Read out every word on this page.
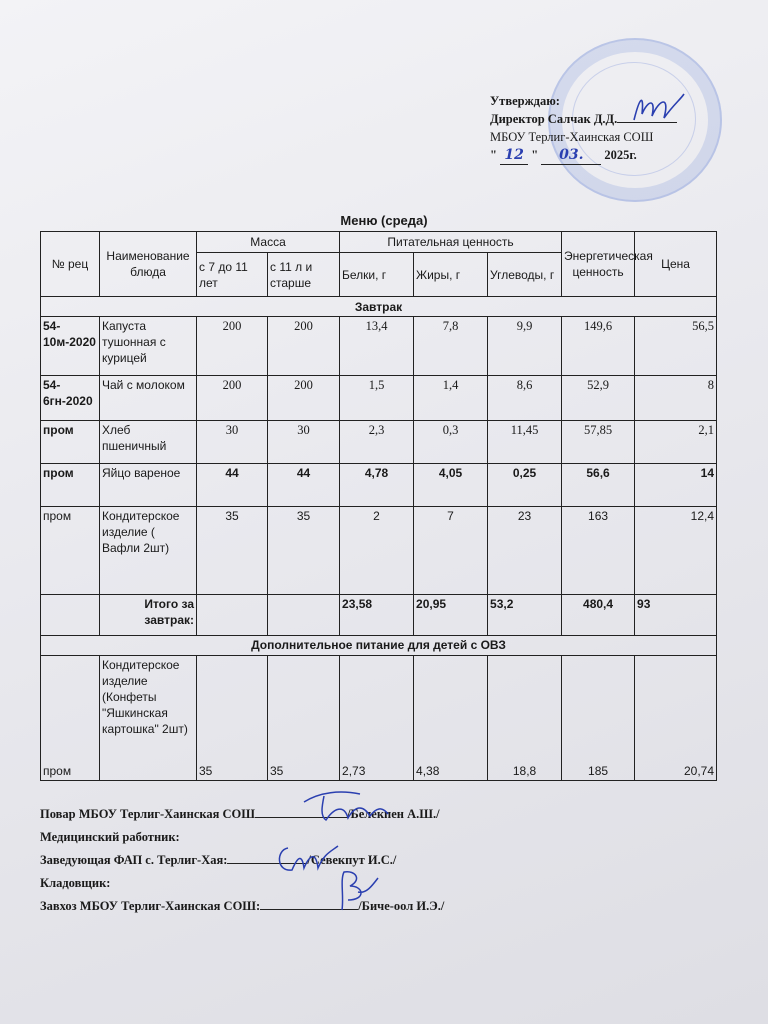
Утверждаю:
Директор Салчак Д.Д.
МБОУ Терлиг-Хаинская СОШ
" 12 " 03. 2025г.
Меню (среда)
№ рец	Наименование блюда	Масса		Питательная ценность			Энергетическая ценность	Цена
		с 7 до 11 лет	с 11 л и старше	Белки, г	Жиры, г	Углеводы, г		
Завтрак								
54-10м-2020	Капуста тушонная с курицей	200	200	13,4	7,8	9,9	149,6	56,5
54-6гн-2020	Чай с молоком	200	200	1,5	1,4	8,6	52,9	8
пром	Хлеб пшеничный	30	30	2,3	0,3	11,45	57,85	2,1
пром	Яйцо вареное	44	44	4,78	4,05	0,25	56,6	14
пром	Кондитерское изделие ( Вафли 2шт)	35	35	2	7	23	163	12,4
	Итого за завтрак:			23,58	20,95	53,2	480,4	93
Дополнительное питание для детей с ОВЗ								
пром	Кондитерское изделие (Конфеты "Яшкинская картошка" 2шт)	35	35	2,73	4,38	18,8	185	20,74
Повар МБОУ Терлиг-Хаинская СОШ	/Белекпен А.Ш./
Медицинский работник:
Заведующая ФАП с. Терлиг-Хая:	/Севекпут И.С./
Кладовщик:
Завхоз МБОУ Терлиг-Хаинская СОШ:	/Биче-оол И.Э./
